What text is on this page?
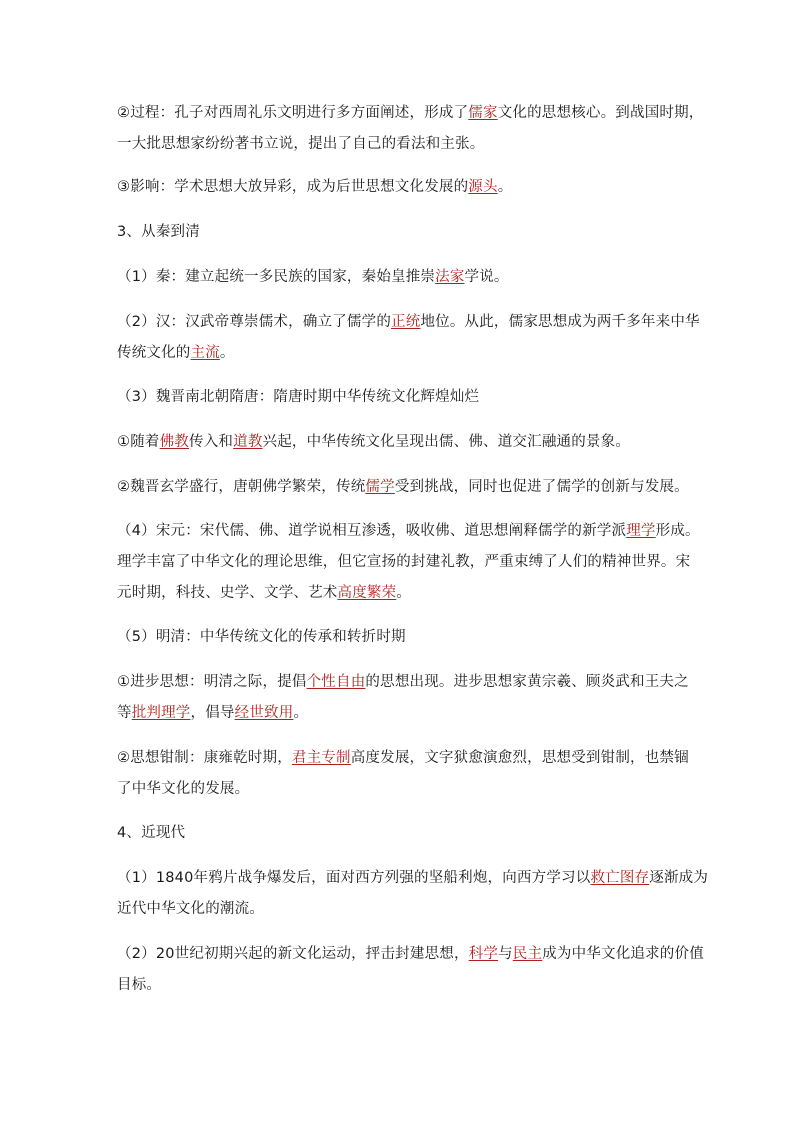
②过程：孔子对西周礼乐文明进行多方面阐述，形成了儒家文化的思想核心。到战国时期，
一大批思想家纷纷著书立说，提出了自己的看法和主张。
③影响：学术思想大放异彩，成为后世思想文化发展的源头。
3、从秦到清
（1）秦：建立起统一多民族的国家，秦始皇推崇法家学说。
（2）汉：汉武帝尊崇儒术，确立了儒学的正统地位。从此，儒家思想成为两千多年来中华
传统文化的主流。
（3）魏晋南北朝隋唐：隋唐时期中华传统文化辉煌灿烂
①随着佛教传入和道教兴起，中华传统文化呈现出儒、佛、道交汇融通的景象。
②魏晋玄学盛行，唐朝佛学繁荣，传统儒学受到挑战，同时也促进了儒学的创新与发展。
（4）宋元：宋代儒、佛、道学说相互渗透，吸收佛、道思想阐释儒学的新学派理学形成。
理学丰富了中华文化的理论思维，但它宣扬的封建礼教，严重束缚了人们的精神世界。宋
元时期，科技、史学、文学、艺术高度繁荣。
（5）明清：中华传统文化的传承和转折时期
①进步思想：明清之际，提倡个性自由的思想出现。进步思想家黄宗羲、顾炎武和王夫之
等批判理学，倡导经世致用。
②思想钳制：康雍乾时期，君主专制高度发展，文字狱愈演愈烈，思想受到钳制，也禁锢
了中华文化的发展。
4、近现代
（1）1840年鸦片战争爆发后，面对西方列强的坚船利炮，向西方学习以救亡图存逐渐成为
近代中华文化的潮流。
（2）20世纪初期兴起的新文化运动，抨击封建思想，科学与民主成为中华文化追求的价值
目标。
